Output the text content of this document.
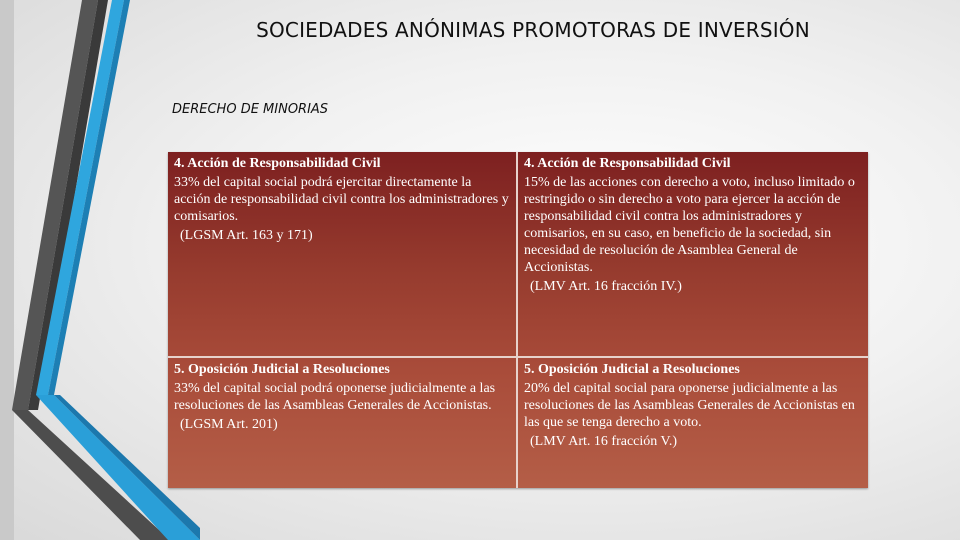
SOCIEDADES ANÓNIMAS PROMOTORAS DE INVERSIÓN
DERECHO DE MINORIAS

4. Acción de Responsabilidad Civil

33% del capital social podrá ejercitar directamente la acción de responsabilidad civil contra los administradores y comisarios.

(LGSM Art. 163 y 171)

4. Acción de Responsabilidad Civil

15% de las acciones con derecho a voto, incluso limitado o restringido o sin derecho a voto para ejercer la acción de responsabilidad civil contra los administradores y comisarios, en su caso, en beneficio de la sociedad, sin necesidad de resolución de Asamblea General de Accionistas.

(LMV Art. 16 fracción IV.)

5. Oposición Judicial a Resoluciones

33% del capital social podrá oponerse judicialmente a las resoluciones de las Asambleas Generales de Accionistas.

(LGSM Art. 201)

5. Oposición Judicial a Resoluciones

20% del capital social para oponerse judicialmente a las resoluciones de las Asambleas Generales de Accionistas en las que se tenga derecho a voto.

(LMV Art. 16 fracción V.)
